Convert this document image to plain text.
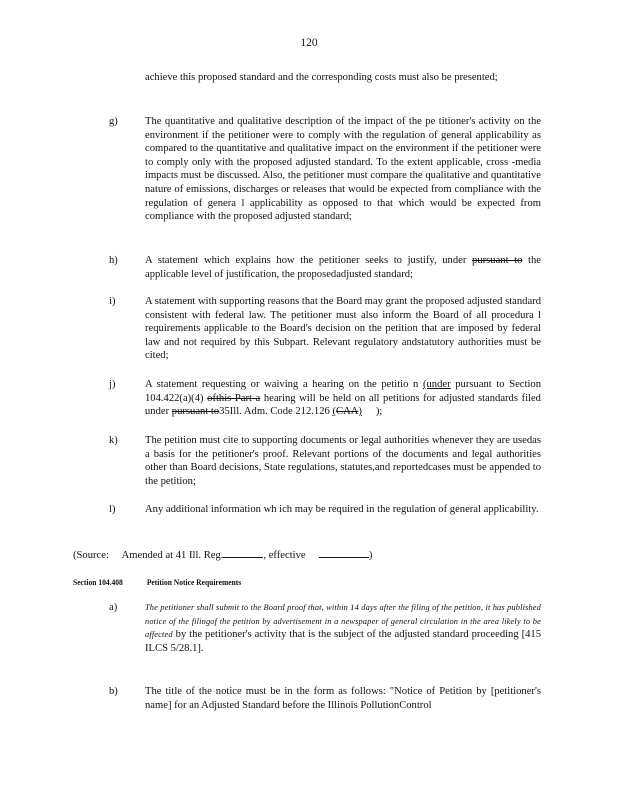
120

achieve this proposed standard and the corresponding costs must also be presented;

g)	The quantitative and qualitative description of the impact of the pe titioner's activity on the environment if the petitioner were to comply with the regulation of general applicability as compared to the quantitative and qualitative impact on the environment if the petitioner were to comply only with the proposed adjusted standard. To the extent applicable, cross -media impacts must be discussed. Also, the petitioner must compare the qualitative and quantitative nature of emissions, discharges or releases that would be expected from compliance with the regulation of genera l applicability as opposed to that which would be expected from compliance with the proposed adjusted standard;

h)	A statement which explains how the petitioner seeks to justify, under pursuant to the applicable level of justification, the proposedadjusted standard;

i)	A statement with supporting reasons that the Board may grant the proposed adjusted standard consistent with federal law. The petitioner must also inform the Board of all procedura l requirements applicable to the Board's decision on the petition that are imposed by federal law and not required by this Subpart. Relevant regulatory andstatutory authorities must be cited;

j)	A statement requesting or waiving a hearing on the petitio n (under pursuant to Section 104.422(a)(4) ofthis Part a hearing will be held on all petitions for adjusted standards filed under pursuant to35Ill. Adm. Code 212.126 (CAA) );

k)	The petition must cite to supporting documents or legal authorities whenever they are usedas a basis for the petitioner's proof. Relevant portions of the documents and legal authorities other than Board decisions, State regulations, statutes,and reportedcases must be appended to the petition;

l)	Any additional information wh ich may be required in the regulation of general applicability.

(Source: Amended at 41 Ill. Reg.	, effective	)
Section 104.408	Petition Notice Requirements
a)	The petitioner shall submit to the Board proof that, within 14 days after the filing of the petition, it has published notice of the filingof the petition by advertisement in a newspaper of general circulation in the area likely to be affected by the petitioner's activity that is the subject of the adjusted standard proceeding [415 ILCS 5/28.1].

b)	The title of the notice must be in the form as follows: "Notice of Petition by [petitioner's name] for an Adjusted Standard before the Illinois PollutionControl
